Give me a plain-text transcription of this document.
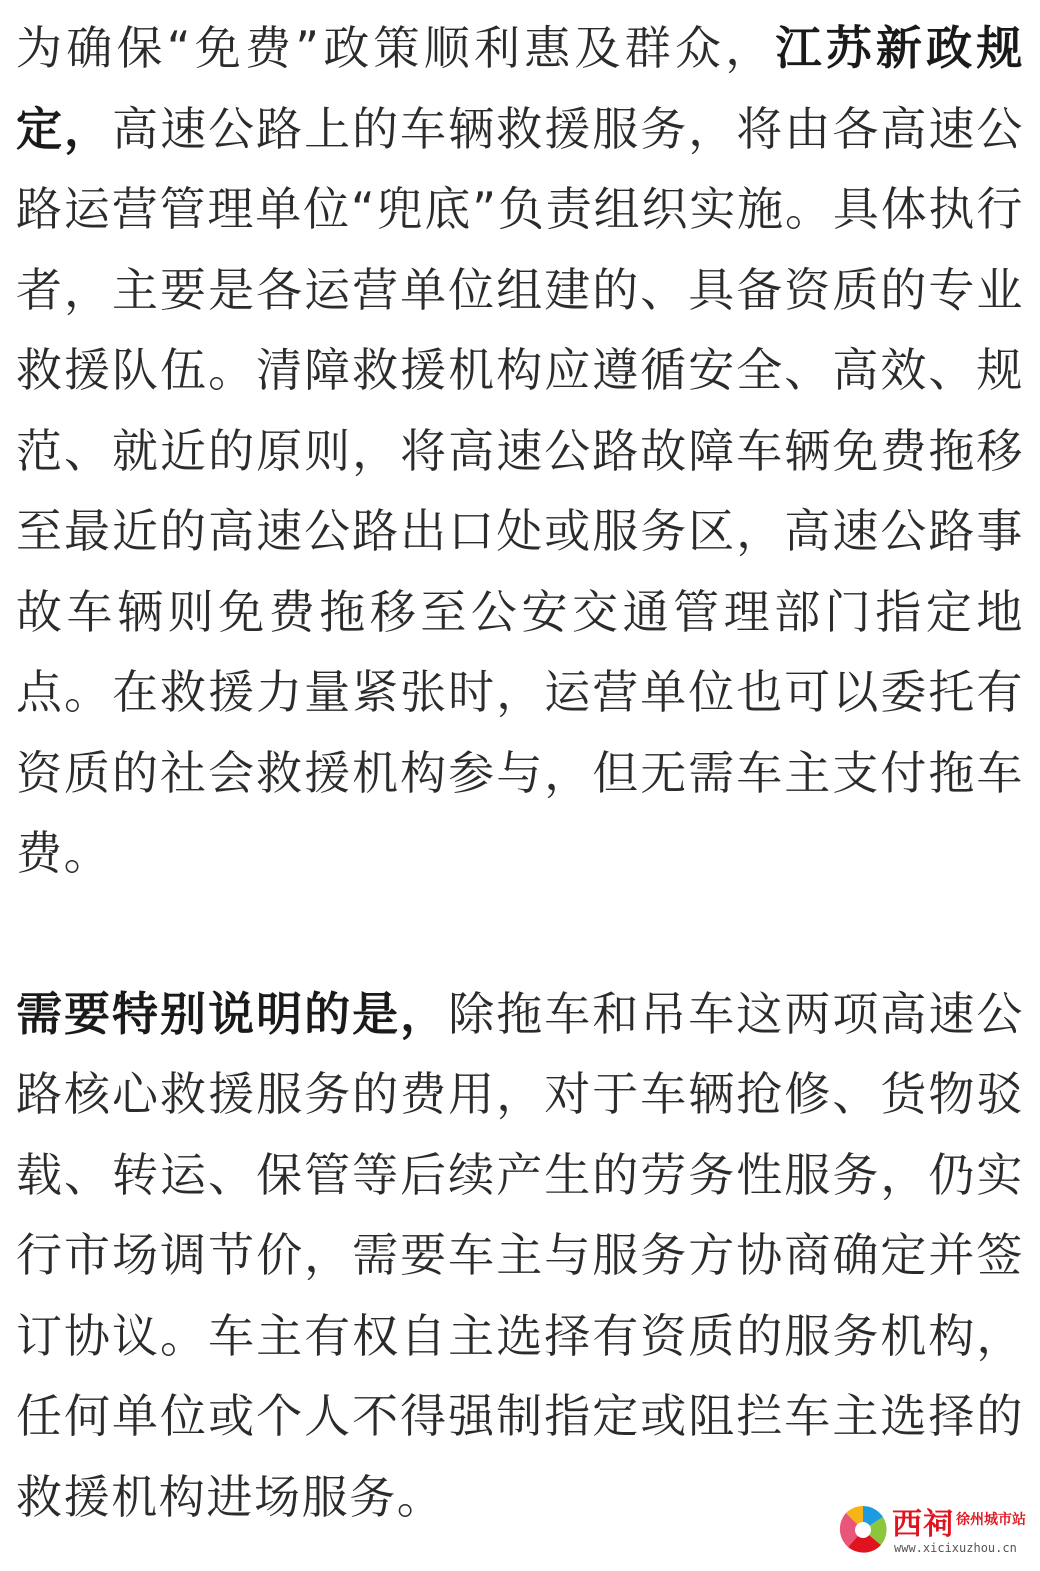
为确保“免费”政策顺利惠及群众，江苏新政规定，高速公路上的车辆救援服务，将由各高速公路运营管理单位“兜底”负责组织实施。具体执行者，主要是各运营单位组建的、具备资质的专业救援队伍。清障救援机构应遵循安全、高效、规范、就近的原则，将高速公路故障车辆免费拖移至最近的高速公路出口处或服务区，高速公路事故车辆则免费拖移至公安交通管理部门指定地点。在救援力量紧张时，运营单位也可以委托有资质的社会救援机构参与，但无需车主支付拖车费。

需要特别说明的是，除拖车和吊车这两项高速公路核心救援服务的费用，对于车辆抢修、货物驳载、转运、保管等后续产生的劳务性服务，仍实行市场调节价，需要车主与服务方协商确定并签订协议。车主有权自主选择有资质的服务机构，任何单位或个人不得强制指定或阻拦车主选择的救援机构进场服务。

西祠 徐州城市站
www.xicixuzhou.cn
